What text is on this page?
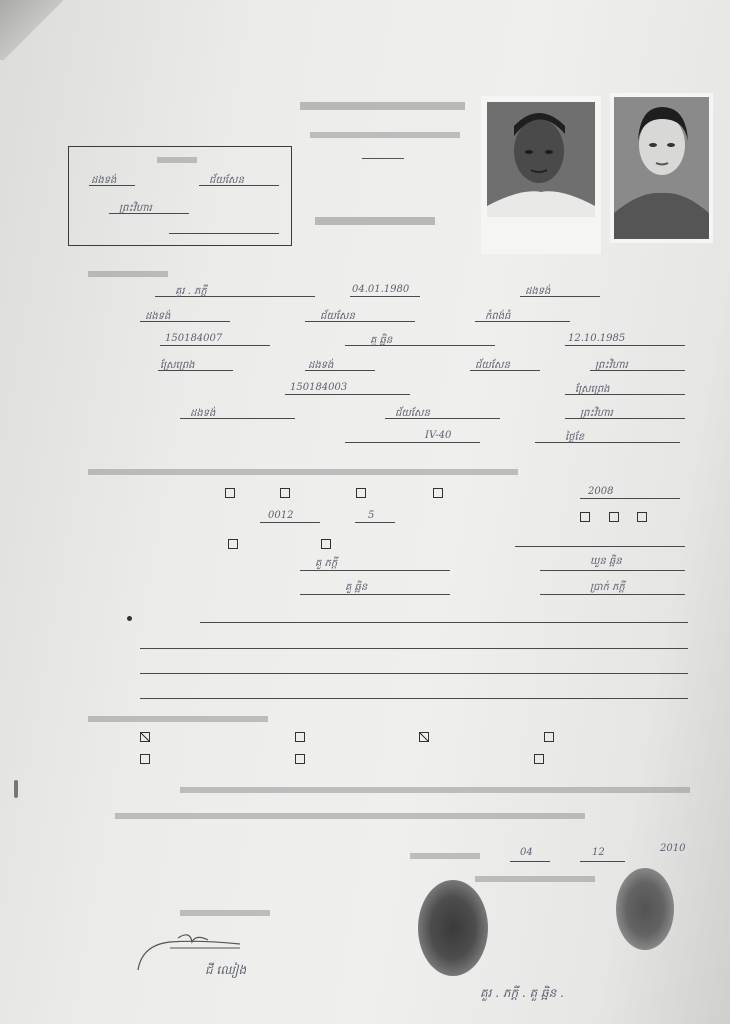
ដងទង់	ជ័យសែន
ព្រះវិហារ
គួរ . ភក្ដី	04.01.1980	ដងទង់
ដងទង់	ជ័យសែន	កំពង់ធំ
150184007	គួ ឆ្អិន	12.10.1985
ស្រែព្រេង	ដងទង់	ជ័យសែន	ព្រះវិហារ
150184003	ស្រែព្រេង
ដងទង់	ជ័យសែន	ព្រះវិហារ
IV-40	ថ្ងៃខែ

2008
0012	5

គួ ភក្ដី	ឃួន ឆ្អិន
គួ ឆ្អិន	ប្រាក់ ភក្ដី

04	12	2010
ជី ឈៀង
គួរ . ភក្ដី . គួ ឆ្អិន .
